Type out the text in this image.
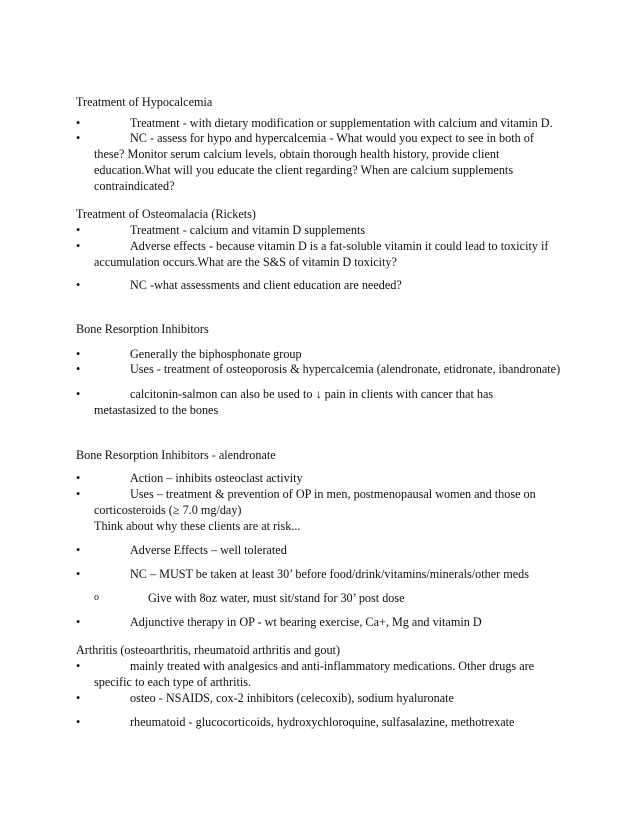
Treatment of Hypocalcemia
•	Treatment - with dietary modification or supplementation with calcium and vitamin D.

•	NC - assess for hypo and hypercalcemia - What would you expect to see in both of these? Monitor serum calcium levels, obtain thorough health history, provide client education.What will you educate the client regarding? When are calcium supplements contraindicated?

Treatment of Osteomalacia (Rickets)
•	Treatment - calcium and vitamin D supplements

•	Adverse effects - because vitamin D is a fat-soluble vitamin it could lead to toxicity if accumulation occurs.What are the S&S of vitamin D toxicity?

•	NC -what assessments and client education are needed?

Bone Resorption Inhibitors
•	Generally the biphosphonate group

•	Uses - treatment of osteoporosis & hypercalcemia (alendronate, etidronate, ibandronate)

•	calcitonin-salmon can also be used to ↓ pain in clients with cancer that has metastasized to the bones

Bone Resorption Inhibitors - alendronate
•	Action – inhibits osteoclast activity

•	Uses – treatment & prevention of OP in men, postmenopausal women and those on corticosteroids (≥ 7.0 mg/day)

Think about why these clients are at risk...

•	Adverse Effects – well tolerated

•	NC – MUST be taken at least 30’ before food/drink/vitamins/minerals/other meds

o	Give with 8oz water, must sit/stand for 30’ post dose

•	Adjunctive therapy in OP - wt bearing exercise, Ca+, Mg and vitamin D

Arthritis (osteoarthritis, rheumatoid arthritis and gout)
•	mainly treated with analgesics and anti-inflammatory medications. Other drugs are specific to each type of arthritis.

•	osteo - NSAIDS, cox-2 inhibitors (celecoxib), sodium hyaluronate

•	rheumatoid - glucocorticoids, hydroxychloroquine, sulfasalazine, methotrexate
